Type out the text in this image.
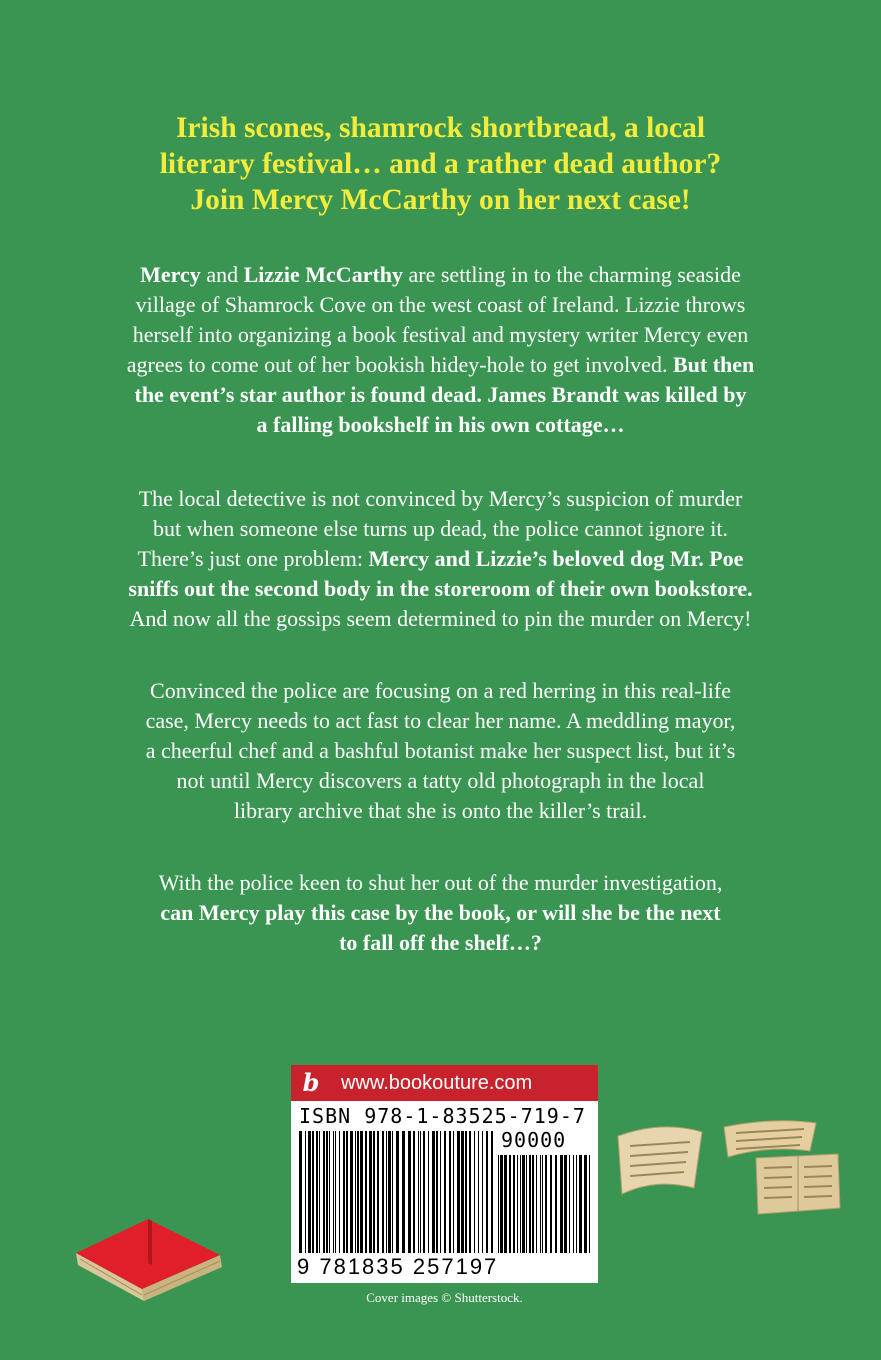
Irish scones, shamrock shortbread, a local
literary festival… and a rather dead author?
Join Mercy McCarthy on her next case!
Mercy and Lizzie McCarthy are settling in to the charming seaside
village of Shamrock Cove on the west coast of Ireland. Lizzie throws
herself into organizing a book festival and mystery writer Mercy even
agrees to come out of her bookish hidey-hole to get involved. But then
the event’s star author is found dead. James Brandt was killed by
a falling bookshelf in his own cottage…
The local detective is not convinced by Mercy’s suspicion of murder
but when someone else turns up dead, the police cannot ignore it.
There’s just one problem: Mercy and Lizzie’s beloved dog Mr. Poe
sniffs out the second body in the storeroom of their own bookstore.
And now all the gossips seem determined to pin the murder on Mercy!
Convinced the police are focusing on a red herring in this real-life
case, Mercy needs to act fast to clear her name. A meddling mayor,
a cheerful chef and a bashful botanist make her suspect list, but it’s
not until Mercy discovers a tatty old photograph in the local
library archive that she is onto the killer’s trail.
With the police keen to shut her out of the murder investigation,
can Mercy play this case by the book, or will she be the next
to fall off the shelf…?
b www.bookouture.com
ISBN 978-1-83525-719-7
90000
9 781835 257197
Cover images © Shutterstock.
